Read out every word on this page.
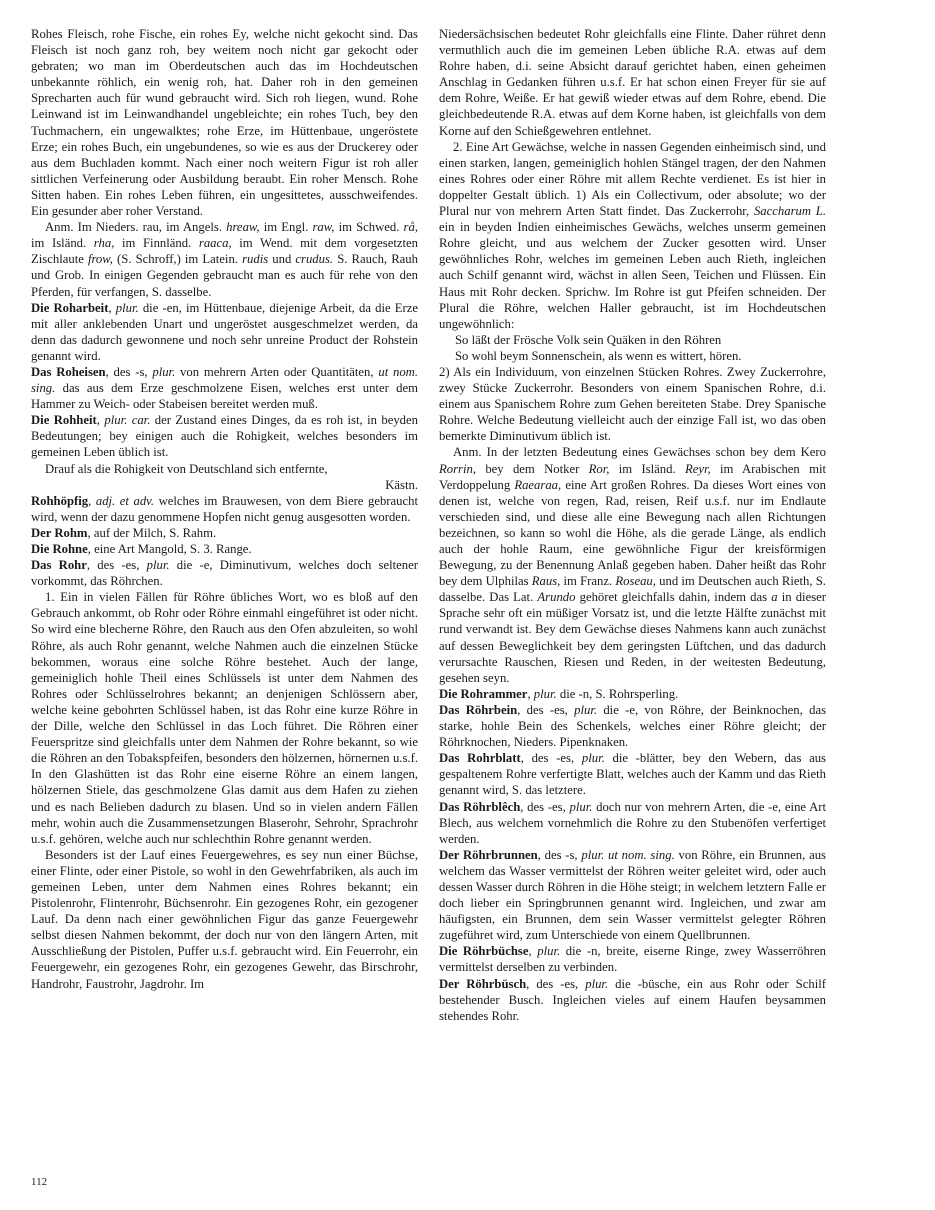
Rohes Fleisch, rohe Fische, ein rohes Ey, welche nicht gekocht sind. Das Fleisch ist noch ganz roh, bey weitem noch nicht gar gekocht oder gebraten; wo man im Oberdeutschen auch das im Hochdeutschen unbekannte röhlich, ein wenig roh, hat. Daher roh in den gemeinen Sprecharten auch für wund gebraucht wird. Sich roh liegen, wund. Rohe Leinwand ist im Leinwandhandel ungebleichte; ein rohes Tuch, bey den Tuchmachern, ein ungewalktes; rohe Erze, im Hüttenbaue, ungeröstete Erze; ein rohes Buch, ein ungebundenes, so wie es aus der Druckerey oder aus dem Buchladen kommt. Nach einer noch weitern Figur ist roh aller sittlichen Verfeinerung oder Ausbildung beraubt. Ein roher Mensch. Rohe Sitten haben. Ein rohes Leben führen, ein ungesittetes, ausschweifendes. Ein gesunder aber roher Verstand.

Anm. Im Nieders. rau, im Angels. hreaw, im Engl. raw, im Schwed. rå, im Isländ. rha, im Finnländ. raaca, im Wend. mit dem vorgesetzten Zischlaute frow, (S. Schroff,) im Latein. rudis und crudus. S. Rauch, Rauh und Grob. In einigen Gegenden gebraucht man es auch für rehe von den Pferden, für verfangen, S. dasselbe.

Die Roharbeit, plur. die -en, im Hüttenbaue, diejenige Arbeit, da die Erze mit aller anklebenden Unart und ungeröstet ausgeschmelzet werden, da denn das dadurch gewonnene und noch sehr unreine Product der Rohstein genannt wird.

Das Roheisen, des -s, plur. von mehrern Arten oder Quantitäten, ut nom. sing. das aus dem Erze geschmolzene Eisen, welches erst unter dem Hammer zu Weich- oder Stabeisen bereitet werden muß.

Die Rohheit, plur. car. der Zustand eines Dinges, da es roh ist, in beyden Bedeutungen; bey einigen auch die Rohigkeit, welches besonders im gemeinen Leben üblich ist.

Drauf als die Rohigkeit von Deutschland sich entfernte,

Kästn.

Rohhöpfig, adj. et adv. welches im Brauwesen, von dem Biere gebraucht wird, wenn der dazu genommene Hopfen nicht genug ausgesotten worden.

Der Rohm, auf der Milch, S. Rahm.

Die Rohne, eine Art Mangold, S. 3. Range.

Das Rohr, des -es, plur. die -e, Diminutivum, welches doch seltener vorkommt, das Röhrchen.

1. Ein in vielen Fällen für Röhre übliches Wort, wo es bloß auf den Gebrauch ankommt, ob Rohr oder Röhre einmahl eingeführet ist oder nicht. So wird eine blecherne Röhre, den Rauch aus den Ofen abzuleiten, so wohl Röhre, als auch Rohr genannt, welche Nahmen auch die einzelnen Stücke bekommen, woraus eine solche Röhre bestehet. Auch der lange, gemeiniglich hohle Theil eines Schlüssels ist unter dem Nahmen des Rohres oder Schlüsselrohres bekannt; an denjenigen Schlössern aber, welche keine gebohrten Schlüssel haben, ist das Rohr eine kurze Röhre in der Dille, welche den Schlüssel in das Loch führet. Die Röhren einer Feuerspritze sind gleichfalls unter dem Nahmen der Rohre bekannt, so wie die Röhren an den Tobakspfeifen, besonders den hölzernen, hörnernen u.s.f. In den Glashütten ist das Rohr eine eiserne Röhre an einem langen, hölzernen Stiele, das geschmolzene Glas damit aus dem Hafen zu ziehen und es nach Belieben dadurch zu blasen. Und so in vielen andern Fällen mehr, wohin auch die Zusammensetzungen Blaserohr, Sehrohr, Sprachrohr u.s.f. gehören, welche auch nur schlechthin Rohre genannt werden.

Besonders ist der Lauf eines Feuergewehres, es sey nun einer Büchse, einer Flinte, oder einer Pistole, so wohl in den Gewehrfabriken, als auch im gemeinen Leben, unter dem Nahmen eines Rohres bekannt; ein Pistolenrohr, Flintenrohr, Büchsenrohr. Ein gezogenes Rohr, ein gezogener Lauf. Da denn nach einer gewöhnlichen Figur das ganze Feuergewehr selbst diesen Nahmen bekommt, der doch nur von den längern Arten, mit Ausschließung der Pistolen, Puffer u.s.f. gebraucht wird. Ein Feuerrohr, ein Feuergewehr, ein gezogenes Rohr, ein gezogenes Gewehr, das Birschrohr, Handrohr, Faustrohr, Jagdrohr. Im

Niedersächsischen bedeutet Rohr gleichfalls eine Flinte. Daher rühret denn vermuthlich auch die im gemeinen Leben übliche R.A. etwas auf dem Rohre haben, d.i. seine Absicht darauf gerichtet haben, einen geheimen Anschlag in Gedanken führen u.s.f. Er hat schon einen Freyer für sie auf dem Rohre, Weiße. Er hat gewiß wieder etwas auf dem Rohre, ebend. Die gleichbedeutende R.A. etwas auf dem Korne haben, ist gleichfalls von dem Korne auf den Schießgewehren entlehnet.

2. Eine Art Gewächse, welche in nassen Gegenden einheimisch sind, und einen starken, langen, gemeiniglich hohlen Stängel tragen, der den Nahmen eines Rohres oder einer Röhre mit allem Rechte verdienet. Es ist hier in doppelter Gestalt üblich. 1) Als ein Collectivum, oder absolute; wo der Plural nur von mehrern Arten Statt findet. Das Zuckerrohr, Saccharum L. ein in beyden Indien einheimisches Gewächs, welches unserm gemeinen Rohre gleicht, und aus welchem der Zucker gesotten wird. Unser gewöhnliches Rohr, welches im gemeinen Leben auch Rieth, ingleichen auch Schilf genannt wird, wächst in allen Seen, Teichen und Flüssen. Ein Haus mit Rohr decken. Sprichw. Im Rohre ist gut Pfeifen schneiden. Der Plural die Röhre, welchen Haller gebraucht, ist im Hochdeutschen ungewöhnlich:

So läßt der Frösche Volk sein Quäken in den Röhren

So wohl beym Sonnenschein, als wenn es wittert, hören.

2) Als ein Individuum, von einzelnen Stücken Rohres. Zwey Zuckerrohre, zwey Stücke Zuckerrohr. Besonders von einem Spanischen Rohre, d.i. einem aus Spanischem Rohre zum Gehen bereiteten Stabe. Drey Spanische Rohre. Welche Bedeutung vielleicht auch der einzige Fall ist, wo das oben bemerkte Diminutivum üblich ist.

Anm. In der letzten Bedeutung eines Gewächses schon bey dem Kero Rorrin, bey dem Notker Ror, im Isländ. Reyr, im Arabischen mit Verdoppelung Raearaa, eine Art großen Rohres. Da dieses Wort eines von denen ist, welche von regen, Rad, reisen, Reif u.s.f. nur im Endlaute verschieden sind, und diese alle eine Bewegung nach allen Richtungen bezeichnen, so kann so wohl die Höhe, als die gerade Länge, als endlich auch der hohle Raum, eine gewöhnliche Figur der kreisförmigen Bewegung, zu der Benennung Anlaß gegeben haben. Daher heißt das Rohr bey dem Ulphilas Raus, im Franz. Roseau, und im Deutschen auch Rieth, S. dasselbe. Das Lat. Arundo gehöret gleichfalls dahin, indem das a in dieser Sprache sehr oft ein müßiger Vorsatz ist, und die letzte Hälfte zunächst mit rund verwandt ist. Bey dem Gewächse dieses Nahmens kann auch zunächst auf dessen Beweglichkeit bey dem geringsten Lüftchen, und das dadurch verursachte Rauschen, Riesen und Reden, in der weitesten Bedeutung, gesehen seyn.

Die Rohrammer, plur. die -n, S. Rohrsperling.

Das Röhrbein, des -es, plur. die -e, von Röhre, der Beinknochen, das starke, hohle Bein des Schenkels, welches einer Röhre gleicht; der Röhrknochen, Nieders. Pipenknaken.

Das Rohrblatt, des -es, plur. die -blätter, bey den Webern, das aus gespaltenem Rohre verfertigte Blatt, welches auch der Kamm und das Rieth genannt wird, S. das letztere.

Das Röhrblêch, des -es, plur. doch nur von mehrern Arten, die -e, eine Art Blech, aus welchem vornehmlich die Rohre zu den Stubenöfen verfertiget werden.

Der Röhrbrunnen, des -s, plur. ut nom. sing. von Röhre, ein Brunnen, aus welchem das Wasser vermittelst der Röhren weiter geleitet wird, oder auch dessen Wasser durch Röhren in die Höhe steigt; in welchem letztern Falle er doch lieber ein Springbrunnen genannt wird. Ingleichen, und zwar am häufigsten, ein Brunnen, dem sein Wasser vermittelst gelegter Röhren zugeführet wird, zum Unterschiede von einem Quellbrunnen.

Die Röhrbüchse, plur. die -n, breite, eiserne Ringe, zwey Wasserröhren vermittelst derselben zu verbinden.

Der Röhrbüsch, des -es, plur. die -büsche, ein aus Rohr oder Schilf bestehender Busch. Ingleichen vieles auf einem Haufen beysammen stehendes Rohr.

112
